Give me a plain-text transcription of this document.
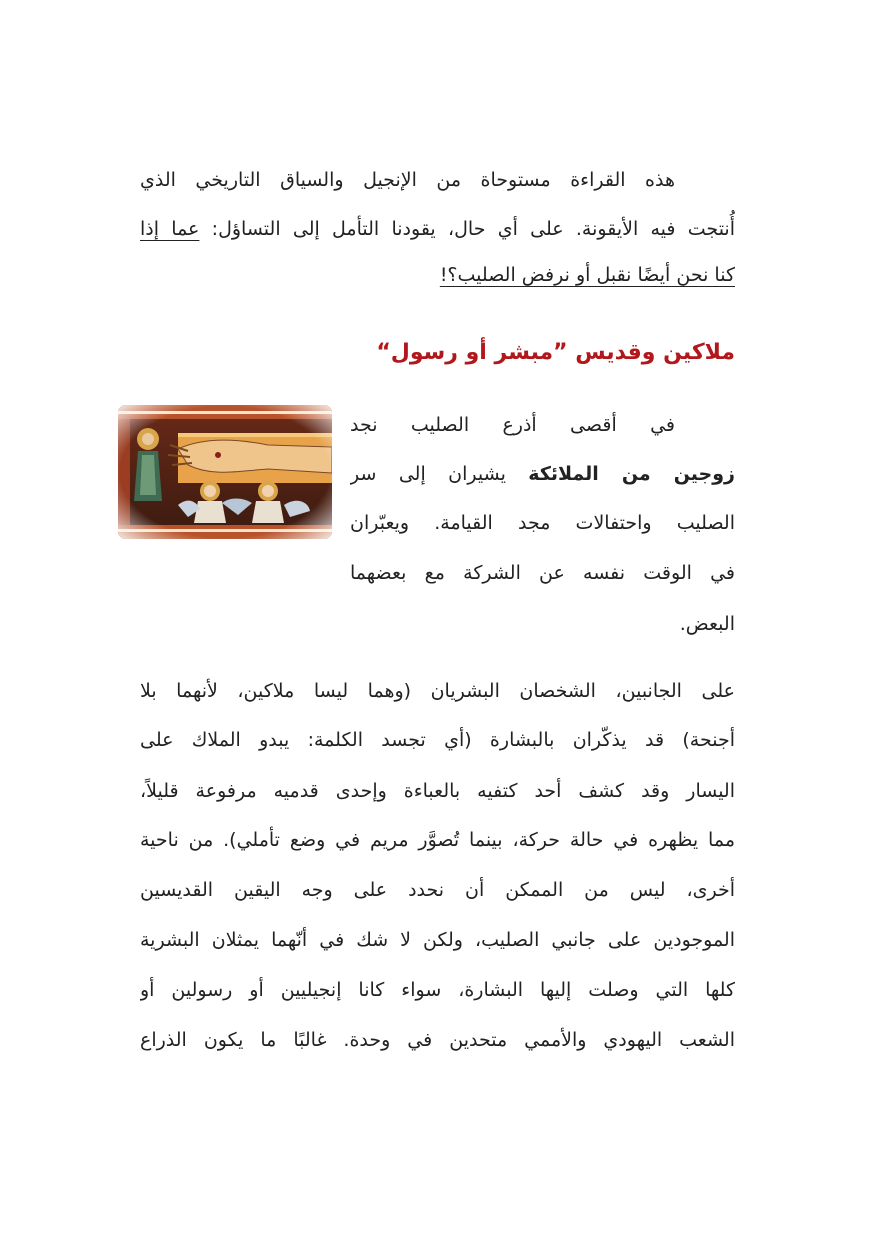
هذه القراءة مستوحاة من الإنجيل والسياق التاريخي الذي
أُنتجت فيه الأيقونة. على أي حال، يقودنا التأمل إلى التساؤل: عما إذا
كنا نحن أيضًا نقبل أو نرفض الصليب؟!
ملاكين وقديس ”مبشر أو رسول“
في أقصى أذرع الصليب نجد
زوجين من الملائكة يشيران إلى سر
الصليب واحتفالات مجد القيامة. ويعبّران
في الوقت نفسه عن الشركة مع بعضهما
البعض.
على الجانبين، الشخصان البشريان (وهما ليسا ملاكين، لأنهما بلا
أجنحة) قد يذكّران بالبشارة (أي تجسد الكلمة: يبدو الملاك على
اليسار وقد كشف أحد كتفيه بالعباءة وإحدى قدميه مرفوعة قليلاً،
مما يظهره في حالة حركة، بينما تُصوَّر مريم في وضع تأملي). من ناحية
أخرى، ليس من الممكن أن نحدد على وجه اليقين القديسين
الموجودين على جانبي الصليب، ولكن لا شك في أنّهما يمثلان البشرية
كلها التي وصلت إليها البشارة، سواء كانا إنجيليين أو رسولين أو
الشعب اليهودي والأممي متحدين في وحدة. غالبًا ما يكون الذراع
